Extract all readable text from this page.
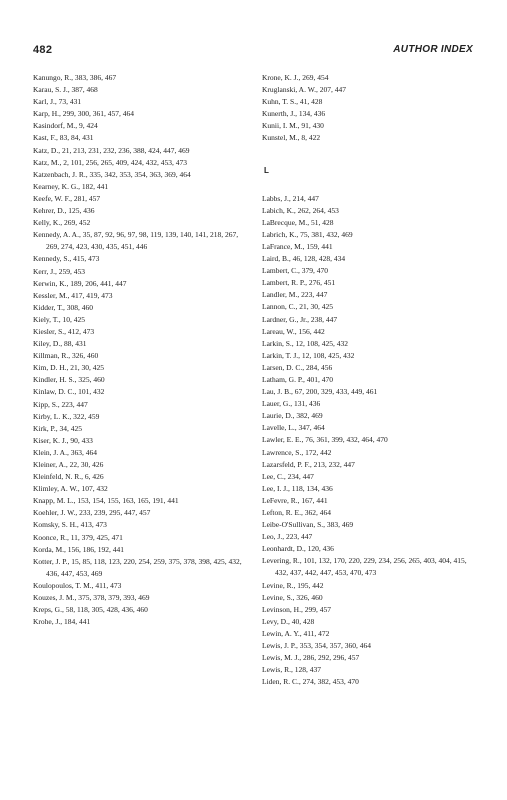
482	AUTHOR INDEX
Kanungo, R., 383, 386, 467
Karau, S. J., 387, 468
Karl, J., 73, 431
Karp, H., 299, 300, 361, 457, 464
Kasindorf, M., 9, 424
Kast, F., 83, 84, 431
Katz, D., 21, 213, 231, 232, 236, 388, 424, 447, 469
Katz, M., 2, 101, 256, 265, 409, 424, 432, 453, 473
Katzenbach, J. R., 335, 342, 353, 354, 363, 369, 464
Kearney, K. G., 182, 441
Keefe, W. F., 281, 457
Kehrer, D., 125, 436
Kelly, K., 269, 452
Kennedy, A. A., 35, 87, 92, 96, 97, 98, 119, 139, 140, 141, 218, 267, 269, 274, 423, 430, 435, 451, 446
Kennedy, S., 415, 473
Kerr, J., 259, 453
Kerwin, K., 189, 206, 441, 447
Kessler, M., 417, 419, 473
Kidder, T., 308, 460
Kiely, T., 10, 425
Kiesler, S., 412, 473
Kiley, D., 88, 431
Killman, R., 326, 460
Kim, D. H., 21, 30, 425
Kindler, H. S., 325, 460
Kinlaw, D. C., 101, 432
Kipp, S., 223, 447
Kirby, L. K., 322, 459
Kirk, P., 34, 425
Kiser, K. J., 90, 433
Klein, J. A., 363, 464
Kleiner, A., 22, 30, 426
Kleinfeld, N. R., 6, 426
Klimley, A. W., 107, 432
Knapp, M. L., 153, 154, 155, 163, 165, 191, 441
Koehler, J. W., 233, 239, 295, 447, 457
Komsky, S. H., 413, 473
Koonce, R., 11, 379, 425, 471
Korda, M., 156, 186, 192, 441
Kotter, J. P., 15, 85, 118, 123, 220, 254, 259, 375, 378, 398, 425, 432, 436, 447, 453, 469
Koulopoulos, T. M., 411, 473
Kouzes, J. M., 375, 378, 379, 393, 469
Kreps, G., 58, 118, 305, 428, 436, 460
Krohe, J., 184, 441
Krone, K. J., 269, 454
Kruglanski, A. W., 207, 447
Kuhn, T. S., 41, 428
Kunerth, J., 134, 436
Kunii, I. M., 91, 430
Kunstel, M., 8, 422
L
Labbs, J., 214, 447
Labich, K., 262, 264, 453
LaBrecque, M., 51, 428
Labrich, K., 75, 381, 432, 469
LaFrance, M., 159, 441
Laird, B., 46, 128, 428, 434
Lambert, C., 379, 470
Lambert, R. P., 276, 451
Landler, M., 223, 447
Lannon, C., 21, 30, 425
Lardner, G., Jr., 238, 447
Lareau, W., 156, 442
Larkin, S., 12, 108, 425, 432
Larkin, T. J., 12, 108, 425, 432
Larsen, D. C., 284, 456
Latham, G. P., 401, 470
Lau, J. B., 67, 200, 329, 433, 449, 461
Lauer, G., 131, 436
Laurie, D., 382, 469
Lavelle, L., 347, 464
Lawler, E. E., 76, 361, 399, 432, 464, 470
Lawrence, S., 172, 442
Lazarsfeld, P. F., 213, 232, 447
Lee, C., 234, 447
Lee, I. J., 118, 134, 436
LeFevre, R., 167, 441
Lefton, R. E., 362, 464
Leibe-O'Sullivan, S., 383, 469
Leo, J., 223, 447
Leonhardt, D., 120, 436
Levering, R., 101, 132, 170, 220, 229, 234, 256, 265, 403, 404, 415, 432, 437, 442, 447, 453, 470, 473
Levine, R., 195, 442
Levine, S., 326, 460
Levinson, H., 299, 457
Levy, D., 40, 428
Lewin, A. Y., 411, 472
Lewis, J. P., 353, 354, 357, 360, 464
Lewis, M. J., 286, 292, 296, 457
Lewis, R., 128, 437
Liden, R. C., 274, 382, 453, 470
